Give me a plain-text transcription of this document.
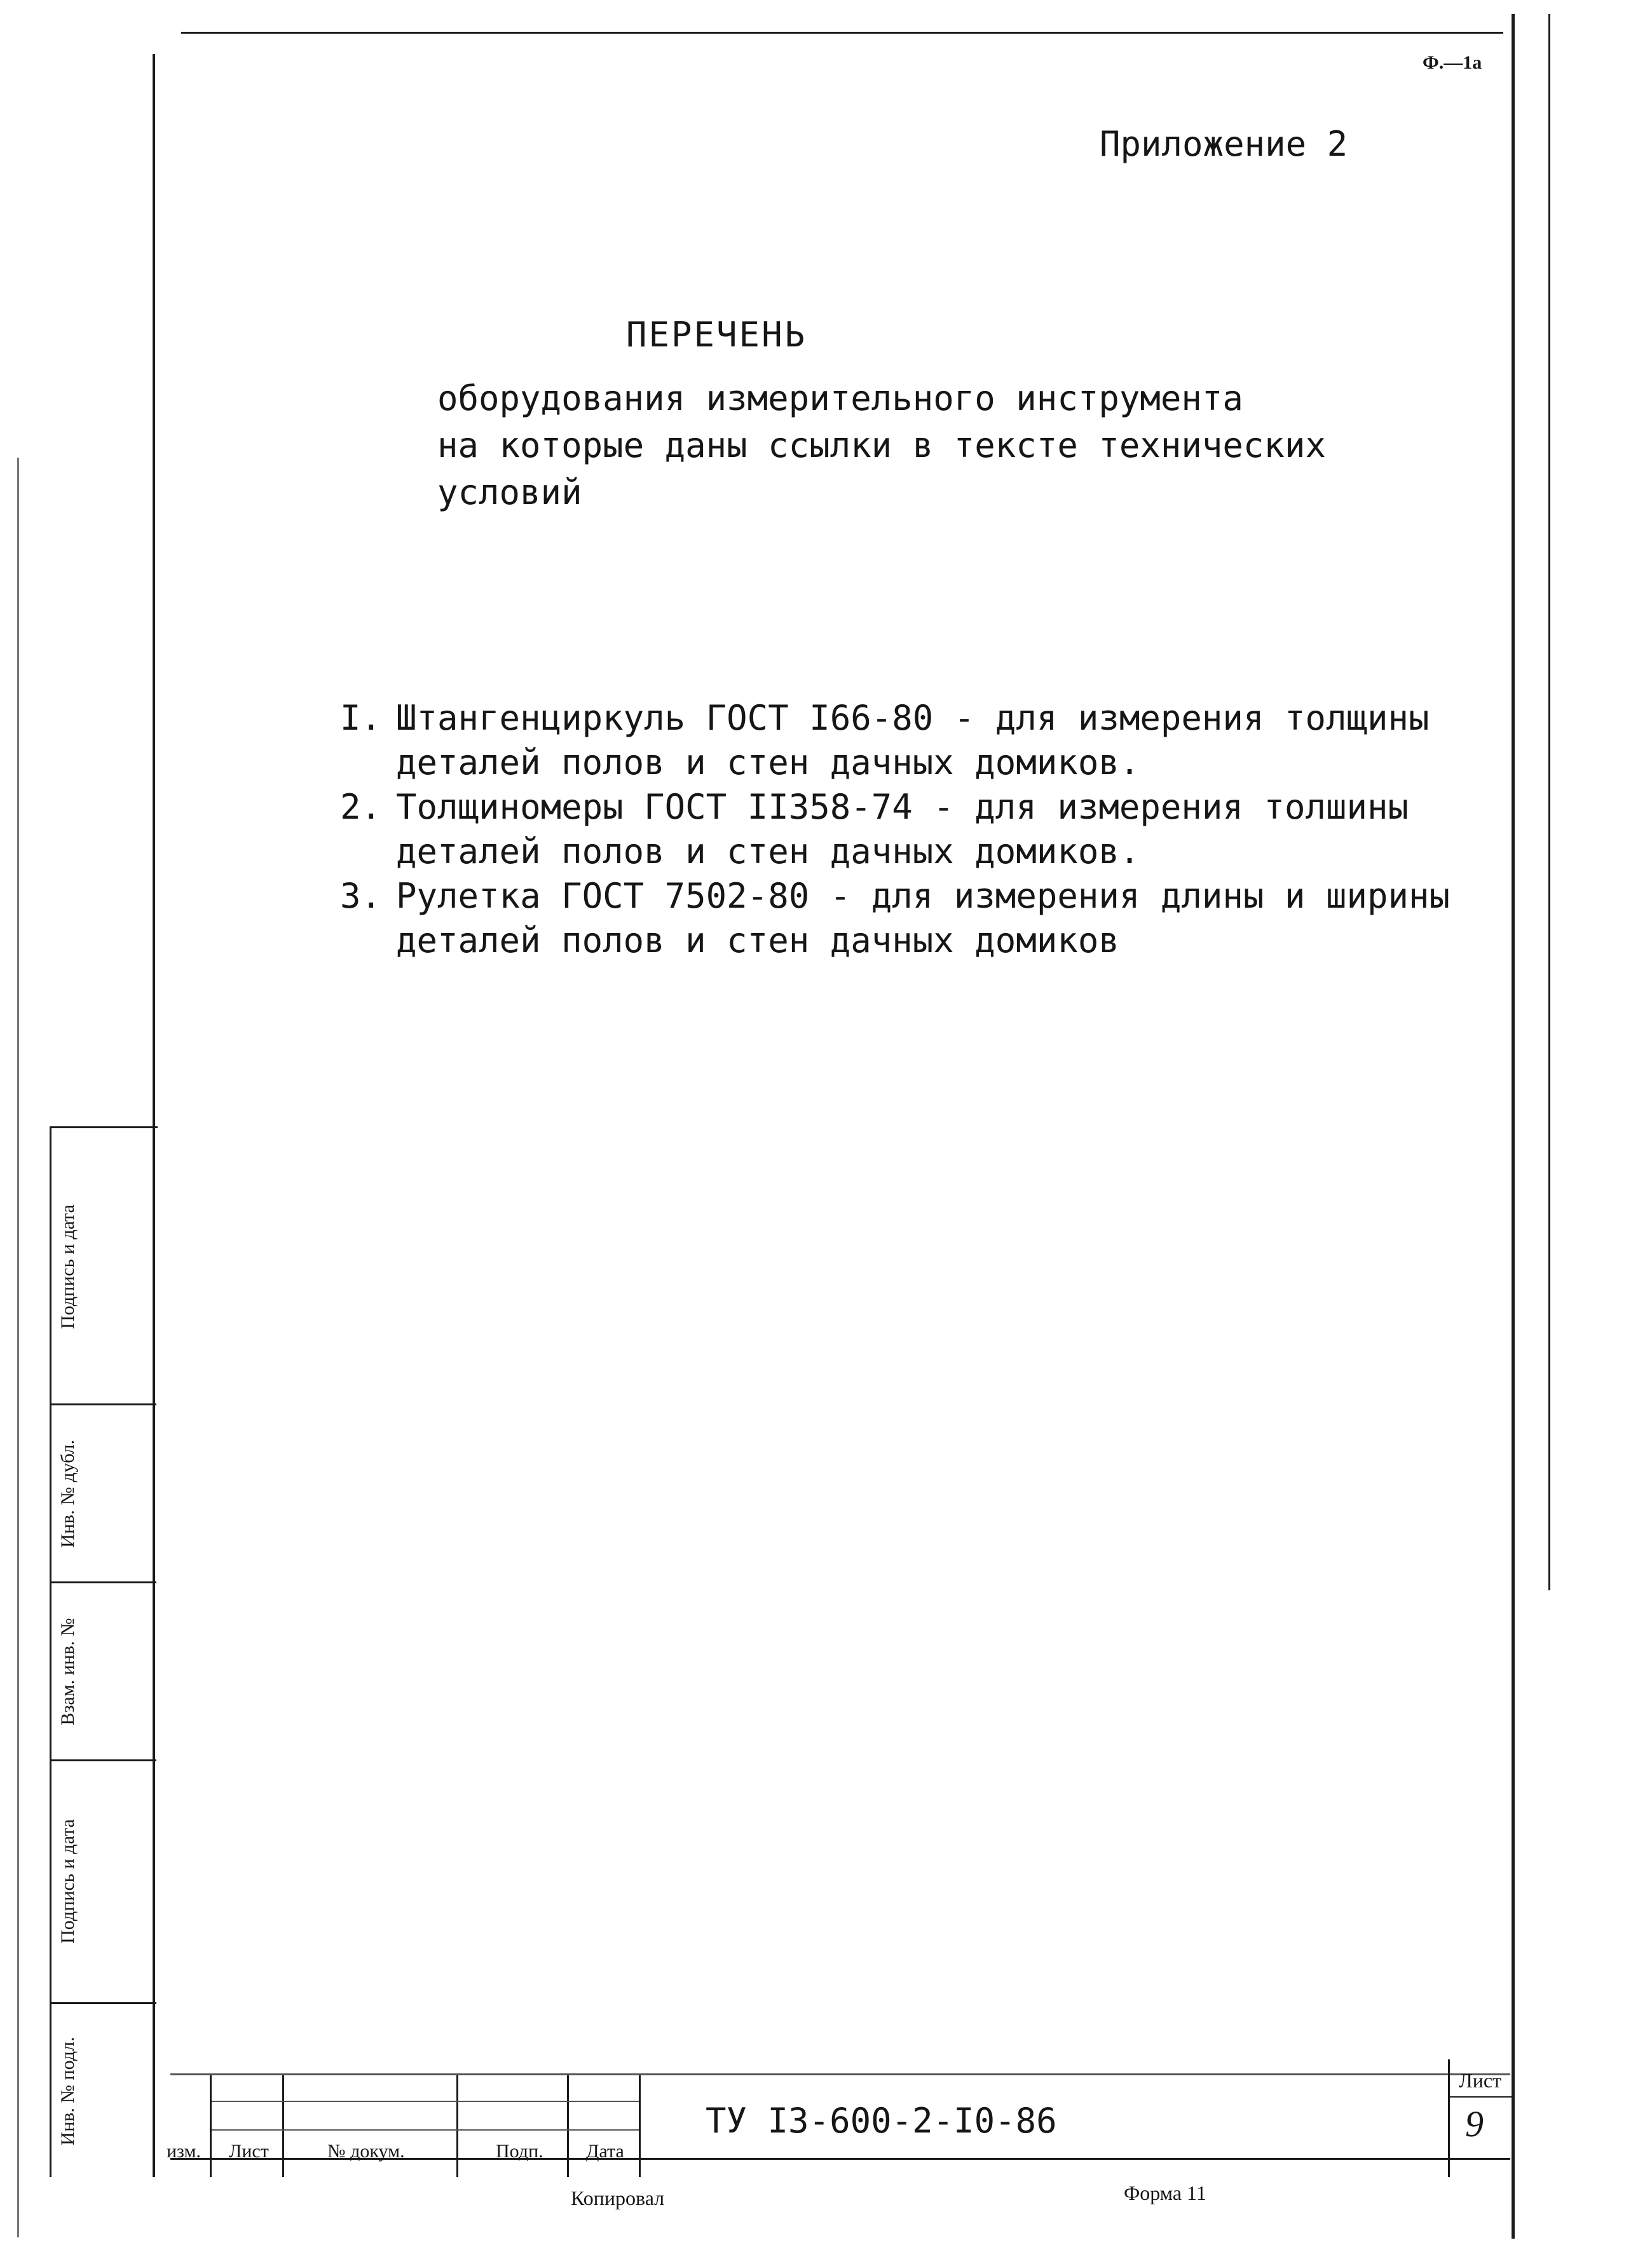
Ф.—1а
Приложение 2
ПЕРЕЧЕНЬ
оборудования измерительного инструмента
на которые даны ссылки в тексте технических
условий
I. Штангенциркуль ГОСТ I66-80 - для измерения толщины
деталей полов и стен дачных домиков.
2. Толщиномеры ГОСТ II358-74 - для измерения толшины
деталей полов и стен дачных домиков.
3. Рулетка ГОСТ 7502-80 - для измерения длины и ширины
деталей полов и стен дачных домиков
Подпись и дата
Инв. № дубл.
Взам. инв. №
Подпись и дата
Инв. № подл.
изм. Лист	№ докум.	Подп. Дата
ТУ I3-600-2-I0-86
Лист
9
Копировал	Форма 11
